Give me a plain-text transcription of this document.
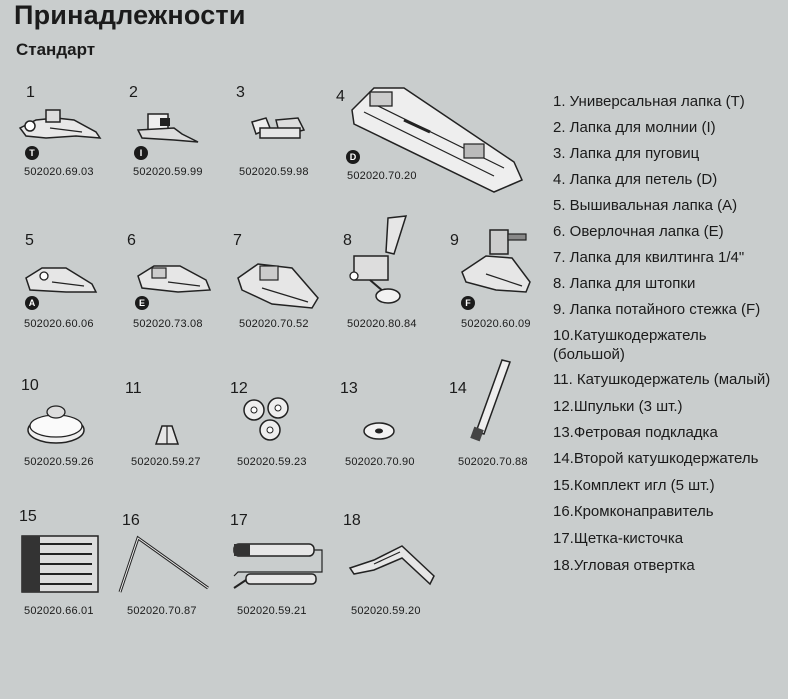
Принадлежности
Стандарт
1
T
502020.69.03
2
I
502020.59.99
3
502020.59.98
4
D
502020.70.20
5
A
502020.60.06
6
E
502020.73.08
7
502020.70.52
8
502020.80.84
9
F
502020.60.09
10
502020.59.26
11
502020.59.27
12
502020.59.23
13
502020.70.90
14
502020.70.88
15
502020.66.01
16
502020.70.87
17
502020.59.21
18
502020.59.20
1. Универсальная лапка (T)
2. Лапка для молнии (I)
3. Лапка для пуговиц
4. Лапка для петель (D)
5. Вышивальная лапка (A)
6. Оверлочная лапка (E)
7. Лапка для квилтинга 1/4"
8. Лапка для штопки
9. Лапка потайного стежка (F)
10.Катушкодержатель (большой)
11. Катушкодержатель (малый)
12.Шпульки (3 шт.)
13.Фетровая подкладка
14.Второй катушкодержатель
15.Комплект игл (5 шт.)
16.Кромконаправитель
17.Щетка-кисточка
18.Угловая отвертка
